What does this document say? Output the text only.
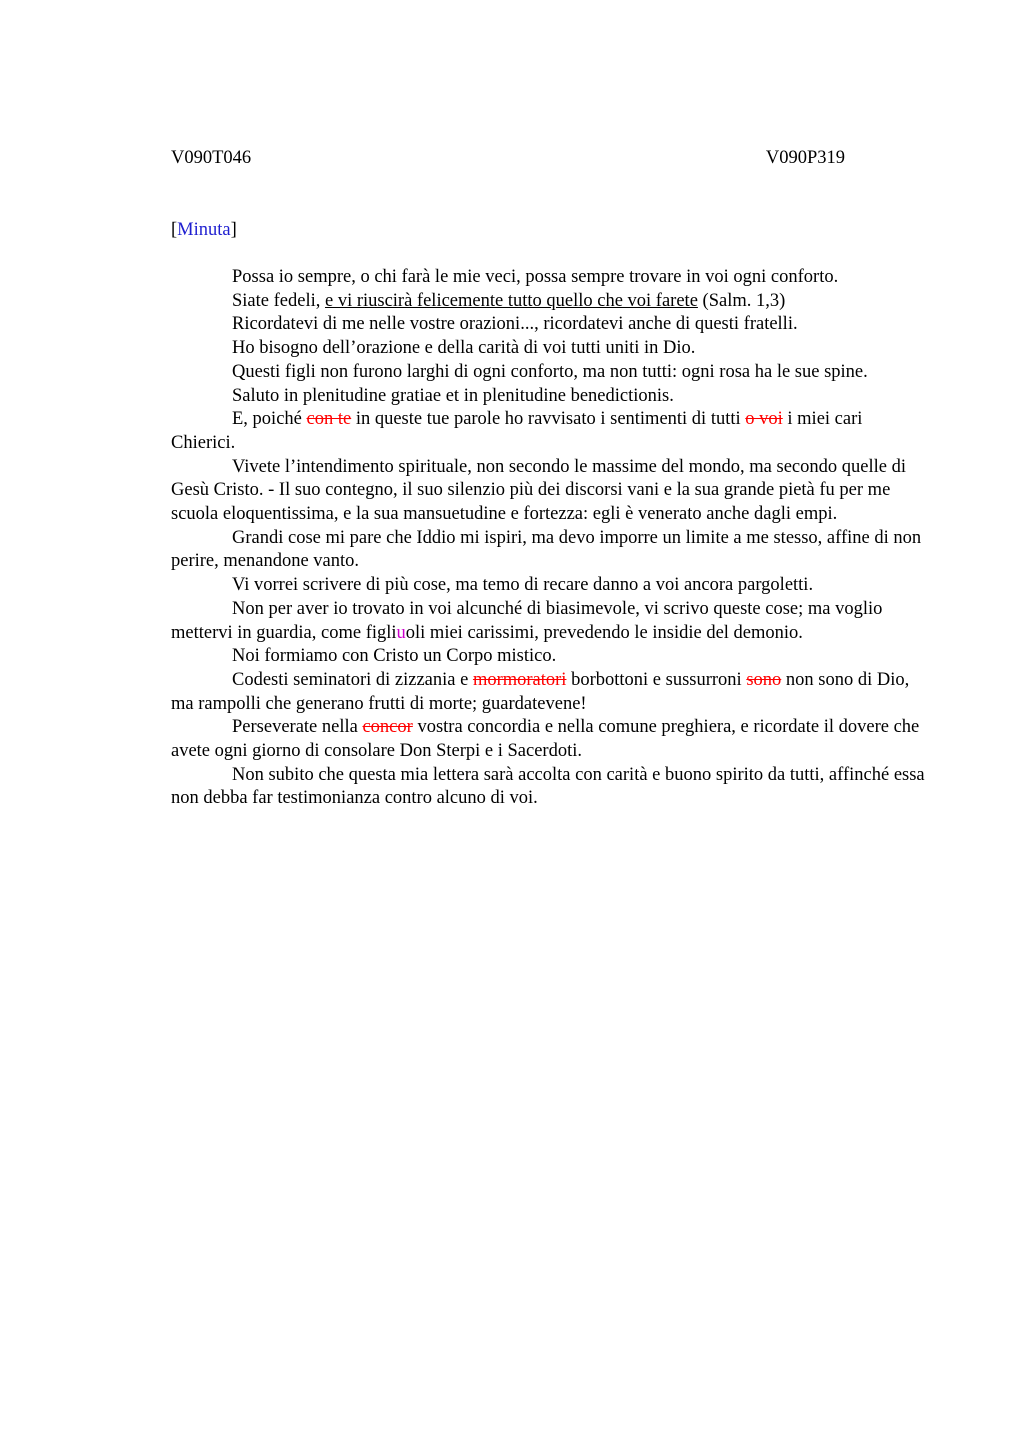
V090T046	V090P319
[Minuta]

Possa io sempre, o chi farà le mie veci, possa sempre trovare in voi ogni conforto.

Siate fedeli, e vi riuscirà felicemente tutto quello che voi farete (Salm. 1,3)

Ricordatevi di me nelle vostre orazioni..., ricordatevi anche di questi fratelli.

Ho bisogno dell’orazione e della carità di voi tutti uniti in Dio.

Questi figli non furono larghi di ogni conforto, ma non tutti: ogni rosa ha le sue spine.

Saluto in plenitudine gratiae et in plenitudine benedictionis.

E, poiché con te in queste tue parole ho ravvisato i sentimenti di tutti o voi i miei cari Chierici.

Vivete l’intendimento spirituale, non secondo le massime del mondo, ma secondo quelle di Gesù Cristo. - Il suo contegno, il suo silenzio più dei discorsi vani e la sua grande pietà fu per me scuola eloquentissima, e la sua mansuetudine e fortezza: egli è venerato anche dagli empi.

Grandi cose mi pare che Iddio mi ispiri, ma devo imporre un limite a me stesso, affine di non perire, menandone vanto.

Vi vorrei scrivere di più cose, ma temo di recare danno a voi ancora pargoletti.

Non per aver io trovato in voi alcunché di biasimevole, vi scrivo queste cose; ma voglio mettervi in guardia, come figliuoli miei carissimi, prevedendo le insidie del demonio.

Noi formiamo con Cristo un Corpo mistico.

Codesti seminatori di zizzania e mormoratori borbottoni e sussurroni sono non sono di Dio, ma rampolli che generano frutti di morte; guardatevene!

Perseverate nella concor vostra concordia e nella comune preghiera, e ricordate il dovere che avete ogni giorno di consolare Don Sterpi e i Sacerdoti.

Non subito che questa mia lettera sarà accolta con carità e buono spirito da tutti, affinché essa non debba far testimonianza contro alcuno di voi.
